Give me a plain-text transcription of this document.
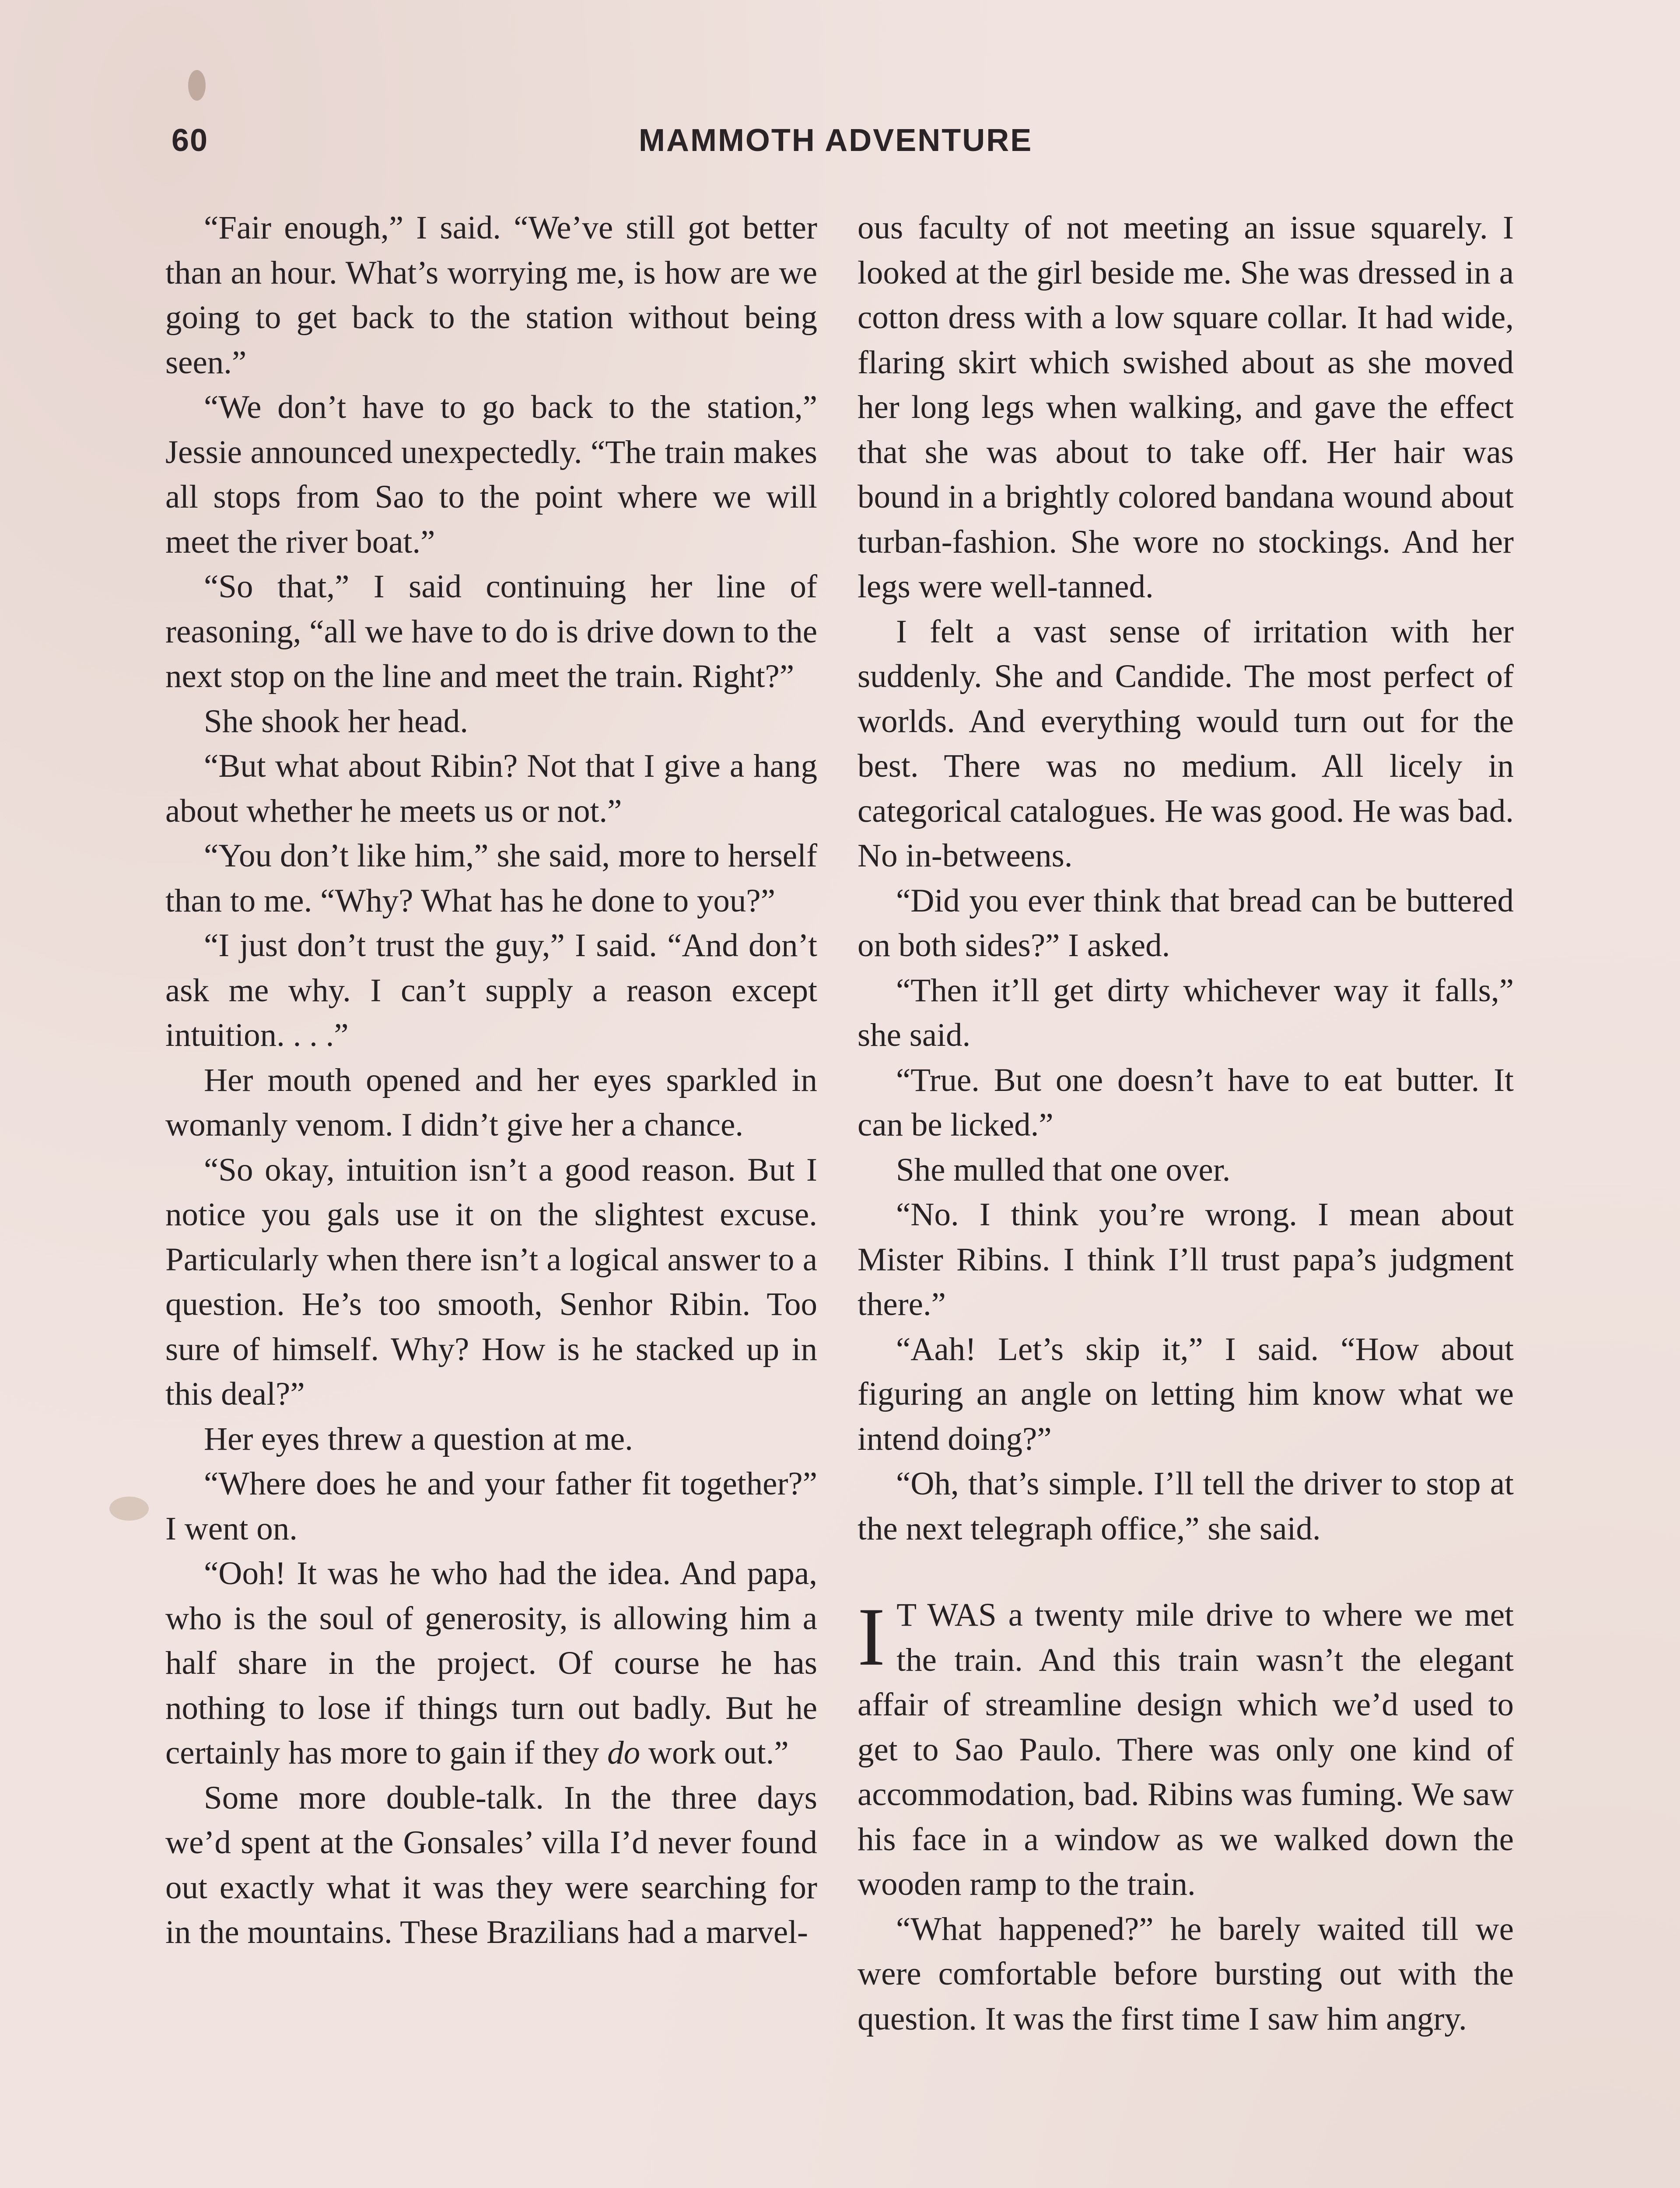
60	MAMMOTH ADVENTURE

“Fair enough,” I said. “We’ve still got better than an hour. What’s worrying me, is how are we going to get back to the station without being seen.”

“We don’t have to go back to the station,” Jessie announced unexpectedly. “The train makes all stops from Sao to the point where we will meet the river boat.”

“So that,” I said continuing her line of reasoning, “all we have to do is drive down to the next stop on the line and meet the train. Right?”

She shook her head.

“But what about Ribin? Not that I give a hang about whether he meets us or not.”

“You don’t like him,” she said, more to herself than to me. “Why? What has he done to you?”

“I just don’t trust the guy,” I said. “And don’t ask me why. I can’t supply a reason except intuition. . . .”

Her mouth opened and her eyes sparkled in womanly venom. I didn’t give her a chance.

“So okay, intuition isn’t a good reason. But I notice you gals use it on the slightest excuse. Particularly when there isn’t a logical answer to a question. He’s too smooth, Senhor Ribin. Too sure of himself. Why? How is he stacked up in this deal?”

Her eyes threw a question at me.

“Where does he and your father fit together?” I went on.

“Ooh! It was he who had the idea. And papa, who is the soul of generosity, is allowing him a half share in the project. Of course he has nothing to lose if things turn out badly. But he certainly has more to gain if they do work out.”

Some more double-talk. In the three days we’d spent at the Gonsales’ villa I’d never found out exactly what it was they were searching for in the mountains. These Brazilians had a marvel-

ous faculty of not meeting an issue squarely. I looked at the girl beside me. She was dressed in a cotton dress with a low square collar. It had wide, flaring skirt which swished about as she moved her long legs when walking, and gave the effect that she was about to take off. Her hair was bound in a brightly colored bandana wound about turban-fashion. She wore no stockings. And her legs were well-tanned.

I felt a vast sense of irritation with her suddenly. She and Candide. The most perfect of worlds. And everything would turn out for the best. There was no medium. All licely in categorical catalogues. He was good. He was bad. No in-betweens.

“Did you ever think that bread can be buttered on both sides?” I asked.

“Then it’ll get dirty whichever way it falls,” she said.

“True. But one doesn’t have to eat butter. It can be licked.”

She mulled that one over.

“No. I think you’re wrong. I mean about Mister Ribins. I think I’ll trust papa’s judgment there.”

“Aah! Let’s skip it,” I said. “How about figuring an angle on letting him know what we intend doing?”

“Oh, that’s simple. I’ll tell the driver to stop at the next telegraph office,” she said.

I T WAS a twenty mile drive to where we met the train. And this train wasn’t the elegant affair of streamline design which we’d used to get to Sao Paulo. There was only one kind of accommodation, bad. Ribins was fuming. We saw his face in a window as we walked down the wooden ramp to the train.

“What happened?” he barely waited till we were comfortable before bursting out with the question. It was the first time I saw him angry.
